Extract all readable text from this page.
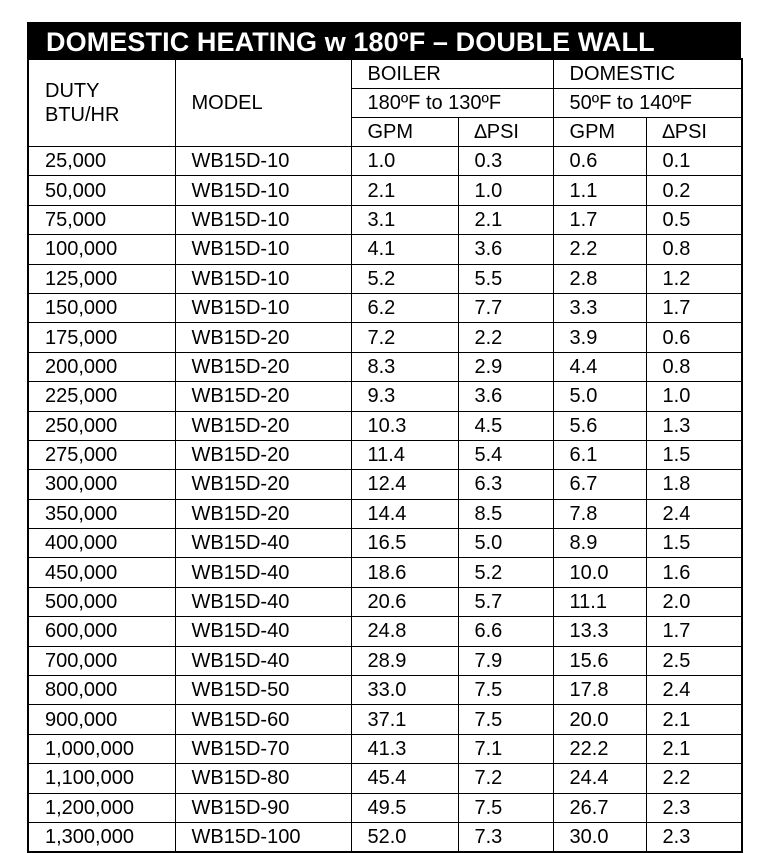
DOMESTIC HEATING w 180ºF – DOUBLE WALL
DUTY
BTU/HR	MODEL	BOILER		DOMESTIC	
		180ºF to 130ºF		50ºF to 140ºF	
		GPM	∆PSI	GPM	∆PSI
25,000	WB15D-10	1.0	0.3	0.6	0.1
50,000	WB15D-10	2.1	1.0	1.1	0.2
75,000	WB15D-10	3.1	2.1	1.7	0.5
100,000	WB15D-10	4.1	3.6	2.2	0.8
125,000	WB15D-10	5.2	5.5	2.8	1.2
150,000	WB15D-10	6.2	7.7	3.3	1.7
175,000	WB15D-20	7.2	2.2	3.9	0.6
200,000	WB15D-20	8.3	2.9	4.4	0.8
225,000	WB15D-20	9.3	3.6	5.0	1.0
250,000	WB15D-20	10.3	4.5	5.6	1.3
275,000	WB15D-20	11.4	5.4	6.1	1.5
300,000	WB15D-20	12.4	6.3	6.7	1.8
350,000	WB15D-20	14.4	8.5	7.8	2.4
400,000	WB15D-40	16.5	5.0	8.9	1.5
450,000	WB15D-40	18.6	5.2	10.0	1.6
500,000	WB15D-40	20.6	5.7	11.1	2.0
600,000	WB15D-40	24.8	6.6	13.3	1.7
700,000	WB15D-40	28.9	7.9	15.6	2.5
800,000	WB15D-50	33.0	7.5	17.8	2.4
900,000	WB15D-60	37.1	7.5	20.0	2.1
1,000,000	WB15D-70	41.3	7.1	22.2	2.1
1,100,000	WB15D-80	45.4	7.2	24.4	2.2
1,200,000	WB15D-90	49.5	7.5	26.7	2.3
1,300,000	WB15D-100	52.0	7.3	30.0	2.3
